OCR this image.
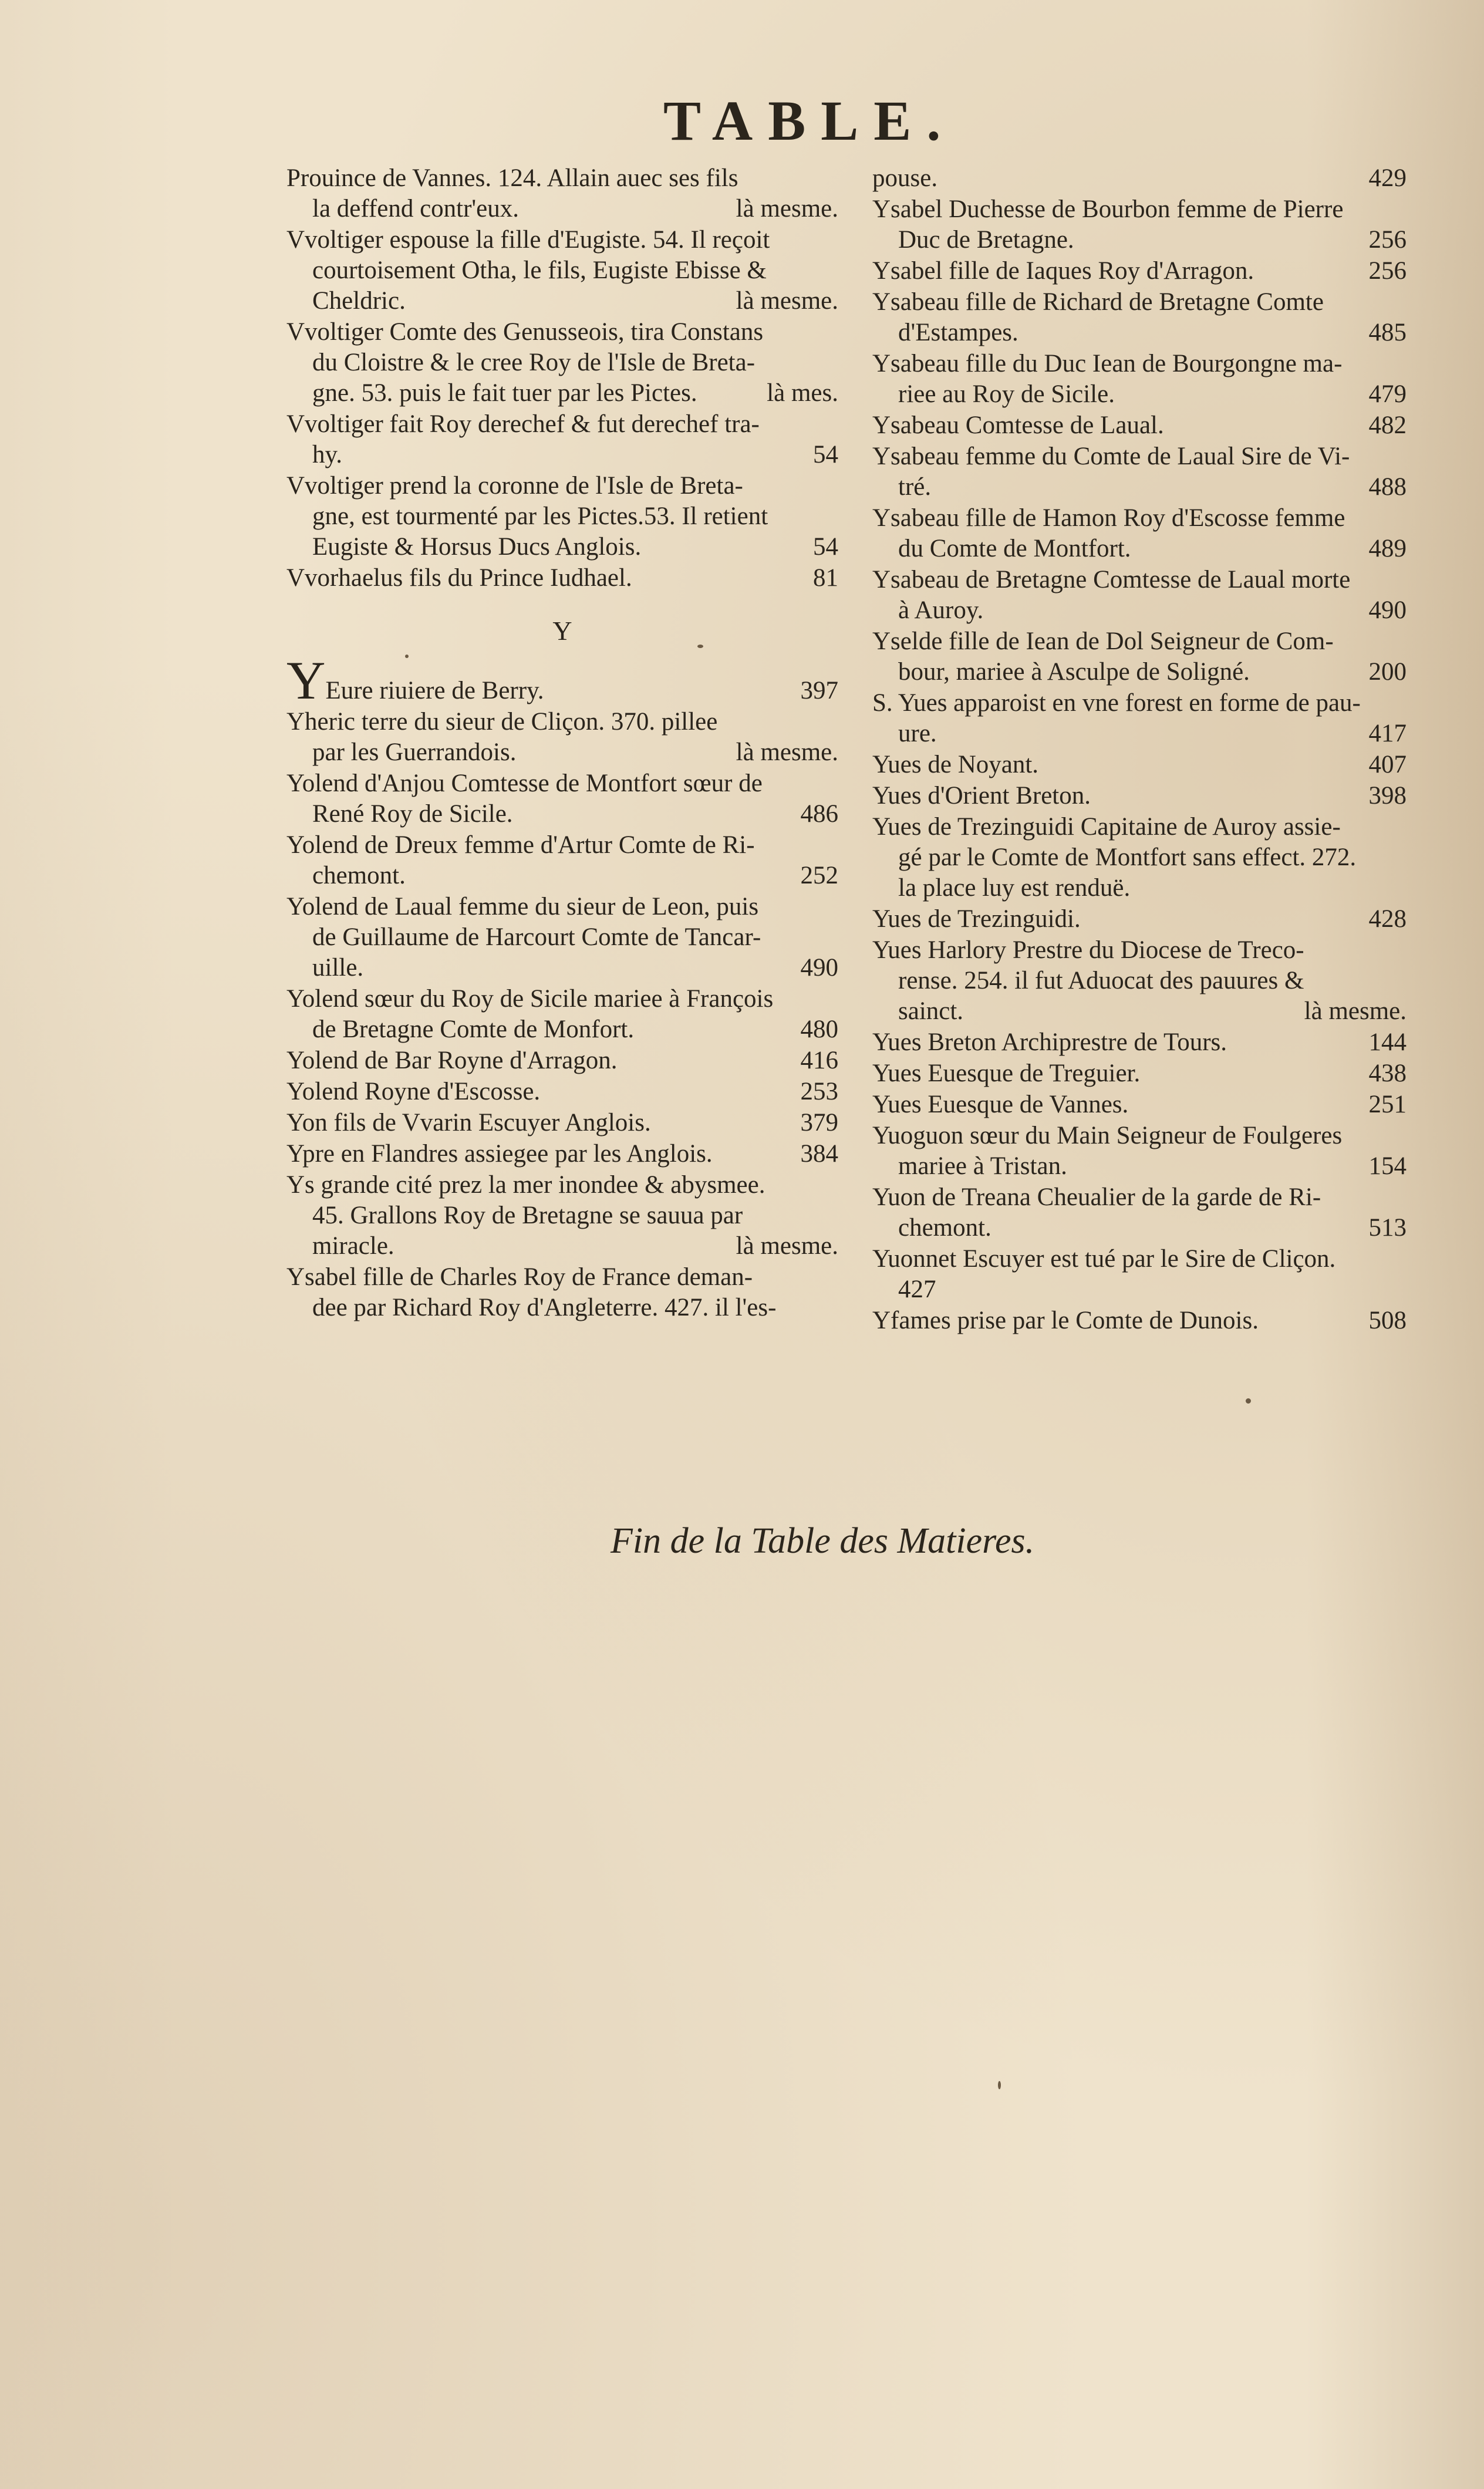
TABLE.
Prouince de Vannes. 124. Allain auec ses fils
la deffend contr'eux.	là mesme.
Vvoltiger espouse la fille d'Eugiste. 54. Il reçoit
courtoisement Otha, le fils, Eugiste Ebisse &
Cheldric.	là mesme.
Vvoltiger Comte des Genusseois, tira Constans
du Cloistre & le cree Roy de l'Isle de Breta-
gne. 53. puis le fait tuer par les Pictes.	là mes.
Vvoltiger fait Roy derechef & fut derechef tra-
hy.	54
Vvoltiger prend la coronne de l'Isle de Breta-
gne, est tourmenté par les Pictes.53. Il retient
Eugiste & Horsus Ducs Anglois.	54
Vvorhaelus fils du Prince Iudhael.	81
Y
YEure riuiere de Berry.	397
Yheric terre du sieur de Cliçon. 370. pillee
par les Guerrandois.	là mesme.
Yolend d'Anjou Comtesse de Montfort sœur de
René Roy de Sicile.	486
Yolend de Dreux femme d'Artur Comte de Ri-
chemont.	252
Yolend de Laual femme du sieur de Leon, puis
de Guillaume de Harcourt Comte de Tancar-
uille.	490
Yolend sœur du Roy de Sicile mariee à François
de Bretagne Comte de Monfort.	480
Yolend de Bar Royne d'Arragon.	416
Yolend Royne d'Escosse.	253
Yon fils de Vvarin Escuyer Anglois.	379
Ypre en Flandres assiegee par les Anglois.	384
Ys grande cité prez la mer inondee & abysmee.
45. Grallons Roy de Bretagne se sauua par
miracle.	là mesme.
Ysabel fille de Charles Roy de France deman-
dee par Richard Roy d'Angleterre. 427. il l'es-
pouse.	429
Ysabel Duchesse de Bourbon femme de Pierre
Duc de Bretagne.	256
Ysabel fille de Iaques Roy d'Arragon.	256
Ysabeau fille de Richard de Bretagne Comte
d'Estampes.	485
Ysabeau fille du Duc Iean de Bourgongne ma-
riee au Roy de Sicile.	479
Ysabeau Comtesse de Laual.	482
Ysabeau femme du Comte de Laual Sire de Vi-
tré.	488
Ysabeau fille de Hamon Roy d'Escosse femme
du Comte de Montfort.	489
Ysabeau de Bretagne Comtesse de Laual morte
à Auroy.	490
Yselde fille de Iean de Dol Seigneur de Com-
bour, mariee à Asculpe de Soligné.	200
S. Yues apparoist en vne forest en forme de pau-
ure.	417
Yues de Noyant.	407
Yues d'Orient Breton.	398
Yues de Trezinguidi Capitaine de Auroy assie-
gé par le Comte de Montfort sans effect. 272.
la place luy est renduë.
Yues de Trezinguidi.	428
Yues Harlory Prestre du Diocese de Treco-
rense. 254. il fut Aduocat des pauures &
sainct.	là mesme.
Yues Breton Archiprestre de Tours.	144
Yues Euesque de Treguier.	438
Yues Euesque de Vannes.	251
Yuoguon sœur du Main Seigneur de Foulgeres
mariee à Tristan.	154
Yuon de Treana Cheualier de la garde de Ri-
chemont.	513
Yuonnet Escuyer est tué par le Sire de Cliçon.
427
Yfames prise par le Comte de Dunois.	508
Fin de la Table des Matieres.
